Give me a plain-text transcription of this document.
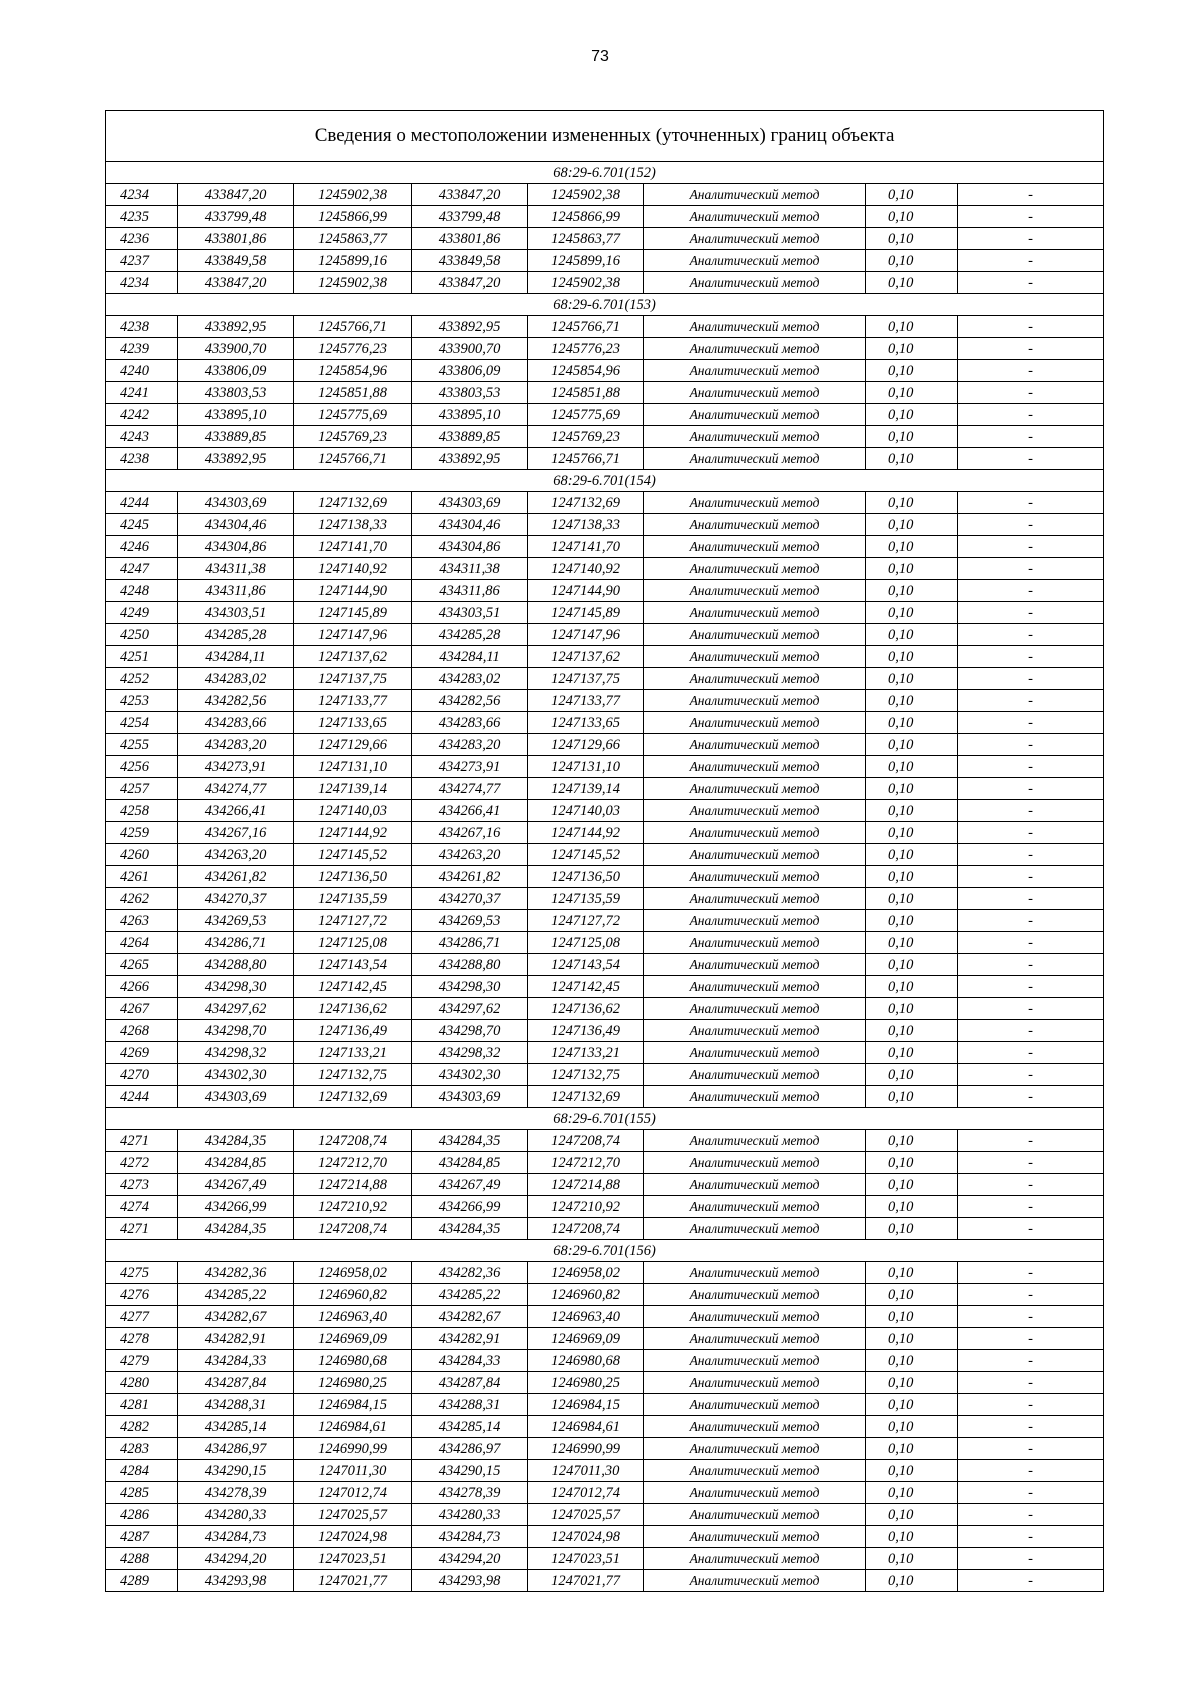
73
Сведения о местоположении измененных (уточненных) границ объекта							
68:29-6.701(152)							
4234	433847,20	1245902,38	433847,20	1245902,38	Аналитический метод	0,10	-
4235	433799,48	1245866,99	433799,48	1245866,99	Аналитический метод	0,10	-
4236	433801,86	1245863,77	433801,86	1245863,77	Аналитический метод	0,10	-
4237	433849,58	1245899,16	433849,58	1245899,16	Аналитический метод	0,10	-
4234	433847,20	1245902,38	433847,20	1245902,38	Аналитический метод	0,10	-
68:29-6.701(153)							
4238	433892,95	1245766,71	433892,95	1245766,71	Аналитический метод	0,10	-
4239	433900,70	1245776,23	433900,70	1245776,23	Аналитический метод	0,10	-
4240	433806,09	1245854,96	433806,09	1245854,96	Аналитический метод	0,10	-
4241	433803,53	1245851,88	433803,53	1245851,88	Аналитический метод	0,10	-
4242	433895,10	1245775,69	433895,10	1245775,69	Аналитический метод	0,10	-
4243	433889,85	1245769,23	433889,85	1245769,23	Аналитический метод	0,10	-
4238	433892,95	1245766,71	433892,95	1245766,71	Аналитический метод	0,10	-
68:29-6.701(154)							
4244	434303,69	1247132,69	434303,69	1247132,69	Аналитический метод	0,10	-
4245	434304,46	1247138,33	434304,46	1247138,33	Аналитический метод	0,10	-
4246	434304,86	1247141,70	434304,86	1247141,70	Аналитический метод	0,10	-
4247	434311,38	1247140,92	434311,38	1247140,92	Аналитический метод	0,10	-
4248	434311,86	1247144,90	434311,86	1247144,90	Аналитический метод	0,10	-
4249	434303,51	1247145,89	434303,51	1247145,89	Аналитический метод	0,10	-
4250	434285,28	1247147,96	434285,28	1247147,96	Аналитический метод	0,10	-
4251	434284,11	1247137,62	434284,11	1247137,62	Аналитический метод	0,10	-
4252	434283,02	1247137,75	434283,02	1247137,75	Аналитический метод	0,10	-
4253	434282,56	1247133,77	434282,56	1247133,77	Аналитический метод	0,10	-
4254	434283,66	1247133,65	434283,66	1247133,65	Аналитический метод	0,10	-
4255	434283,20	1247129,66	434283,20	1247129,66	Аналитический метод	0,10	-
4256	434273,91	1247131,10	434273,91	1247131,10	Аналитический метод	0,10	-
4257	434274,77	1247139,14	434274,77	1247139,14	Аналитический метод	0,10	-
4258	434266,41	1247140,03	434266,41	1247140,03	Аналитический метод	0,10	-
4259	434267,16	1247144,92	434267,16	1247144,92	Аналитический метод	0,10	-
4260	434263,20	1247145,52	434263,20	1247145,52	Аналитический метод	0,10	-
4261	434261,82	1247136,50	434261,82	1247136,50	Аналитический метод	0,10	-
4262	434270,37	1247135,59	434270,37	1247135,59	Аналитический метод	0,10	-
4263	434269,53	1247127,72	434269,53	1247127,72	Аналитический метод	0,10	-
4264	434286,71	1247125,08	434286,71	1247125,08	Аналитический метод	0,10	-
4265	434288,80	1247143,54	434288,80	1247143,54	Аналитический метод	0,10	-
4266	434298,30	1247142,45	434298,30	1247142,45	Аналитический метод	0,10	-
4267	434297,62	1247136,62	434297,62	1247136,62	Аналитический метод	0,10	-
4268	434298,70	1247136,49	434298,70	1247136,49	Аналитический метод	0,10	-
4269	434298,32	1247133,21	434298,32	1247133,21	Аналитический метод	0,10	-
4270	434302,30	1247132,75	434302,30	1247132,75	Аналитический метод	0,10	-
4244	434303,69	1247132,69	434303,69	1247132,69	Аналитический метод	0,10	-
68:29-6.701(155)							
4271	434284,35	1247208,74	434284,35	1247208,74	Аналитический метод	0,10	-
4272	434284,85	1247212,70	434284,85	1247212,70	Аналитический метод	0,10	-
4273	434267,49	1247214,88	434267,49	1247214,88	Аналитический метод	0,10	-
4274	434266,99	1247210,92	434266,99	1247210,92	Аналитический метод	0,10	-
4271	434284,35	1247208,74	434284,35	1247208,74	Аналитический метод	0,10	-
68:29-6.701(156)							
4275	434282,36	1246958,02	434282,36	1246958,02	Аналитический метод	0,10	-
4276	434285,22	1246960,82	434285,22	1246960,82	Аналитический метод	0,10	-
4277	434282,67	1246963,40	434282,67	1246963,40	Аналитический метод	0,10	-
4278	434282,91	1246969,09	434282,91	1246969,09	Аналитический метод	0,10	-
4279	434284,33	1246980,68	434284,33	1246980,68	Аналитический метод	0,10	-
4280	434287,84	1246980,25	434287,84	1246980,25	Аналитический метод	0,10	-
4281	434288,31	1246984,15	434288,31	1246984,15	Аналитический метод	0,10	-
4282	434285,14	1246984,61	434285,14	1246984,61	Аналитический метод	0,10	-
4283	434286,97	1246990,99	434286,97	1246990,99	Аналитический метод	0,10	-
4284	434290,15	1247011,30	434290,15	1247011,30	Аналитический метод	0,10	-
4285	434278,39	1247012,74	434278,39	1247012,74	Аналитический метод	0,10	-
4286	434280,33	1247025,57	434280,33	1247025,57	Аналитический метод	0,10	-
4287	434284,73	1247024,98	434284,73	1247024,98	Аналитический метод	0,10	-
4288	434294,20	1247023,51	434294,20	1247023,51	Аналитический метод	0,10	-
4289	434293,98	1247021,77	434293,98	1247021,77	Аналитический метод	0,10	-
